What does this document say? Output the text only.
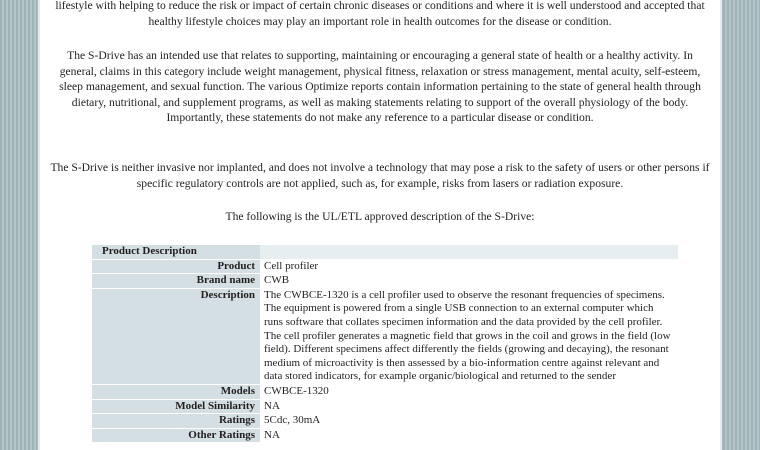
lifestyle with helping to reduce the risk or impact of certain chronic diseases or conditions and where it is well understood and accepted that healthy lifestyle choices may play an important role in health outcomes for the disease or condition.

The S-Drive has an intended use that relates to supporting, maintaining or encouraging a general state of health or a healthy activity. In general, claims in this category include weight management, physical fitness, relaxation or stress management, mental acuity, self-esteem, sleep management, and sexual function. The various Optimize reports contain information pertaining to the state of general health through dietary, nutritional, and supplement programs, as well as making statements relating to support of the overall physiology of the body. Importantly, these statements do not make any reference to a particular disease or condition.

The S-Drive is neither invasive nor implanted, and does not involve a technology that may pose a risk to the safety of users or other persons if specific regulatory controls are not applied, such as, for example, risks from lasers or radiation exposure.

The following is the UL/ETL approved description of the S-Drive:

Product Description	
Product	Cell profiler
Brand name	CWB
Description	The CWBCE-1320 is a cell profiler used to observe the resonant frequencies of specimens. The equipment is powered from a single USB connection to an external computer which runs software that collates specimen information and the data provided by the cell profiler. The cell profiler generates a magnetic field that grows in the coil and grows in the field (low field). Different specimens affect differently the fields (growing and decaying), the resonant medium of microactivity is then assessed by a bio-information centre against relevant and data stored indicators, for example organic/biological and returned to the sender
Models	CWBCE-1320
Model Similarity	NA
Ratings	5Cdc, 30mA
Other Ratings	NA
